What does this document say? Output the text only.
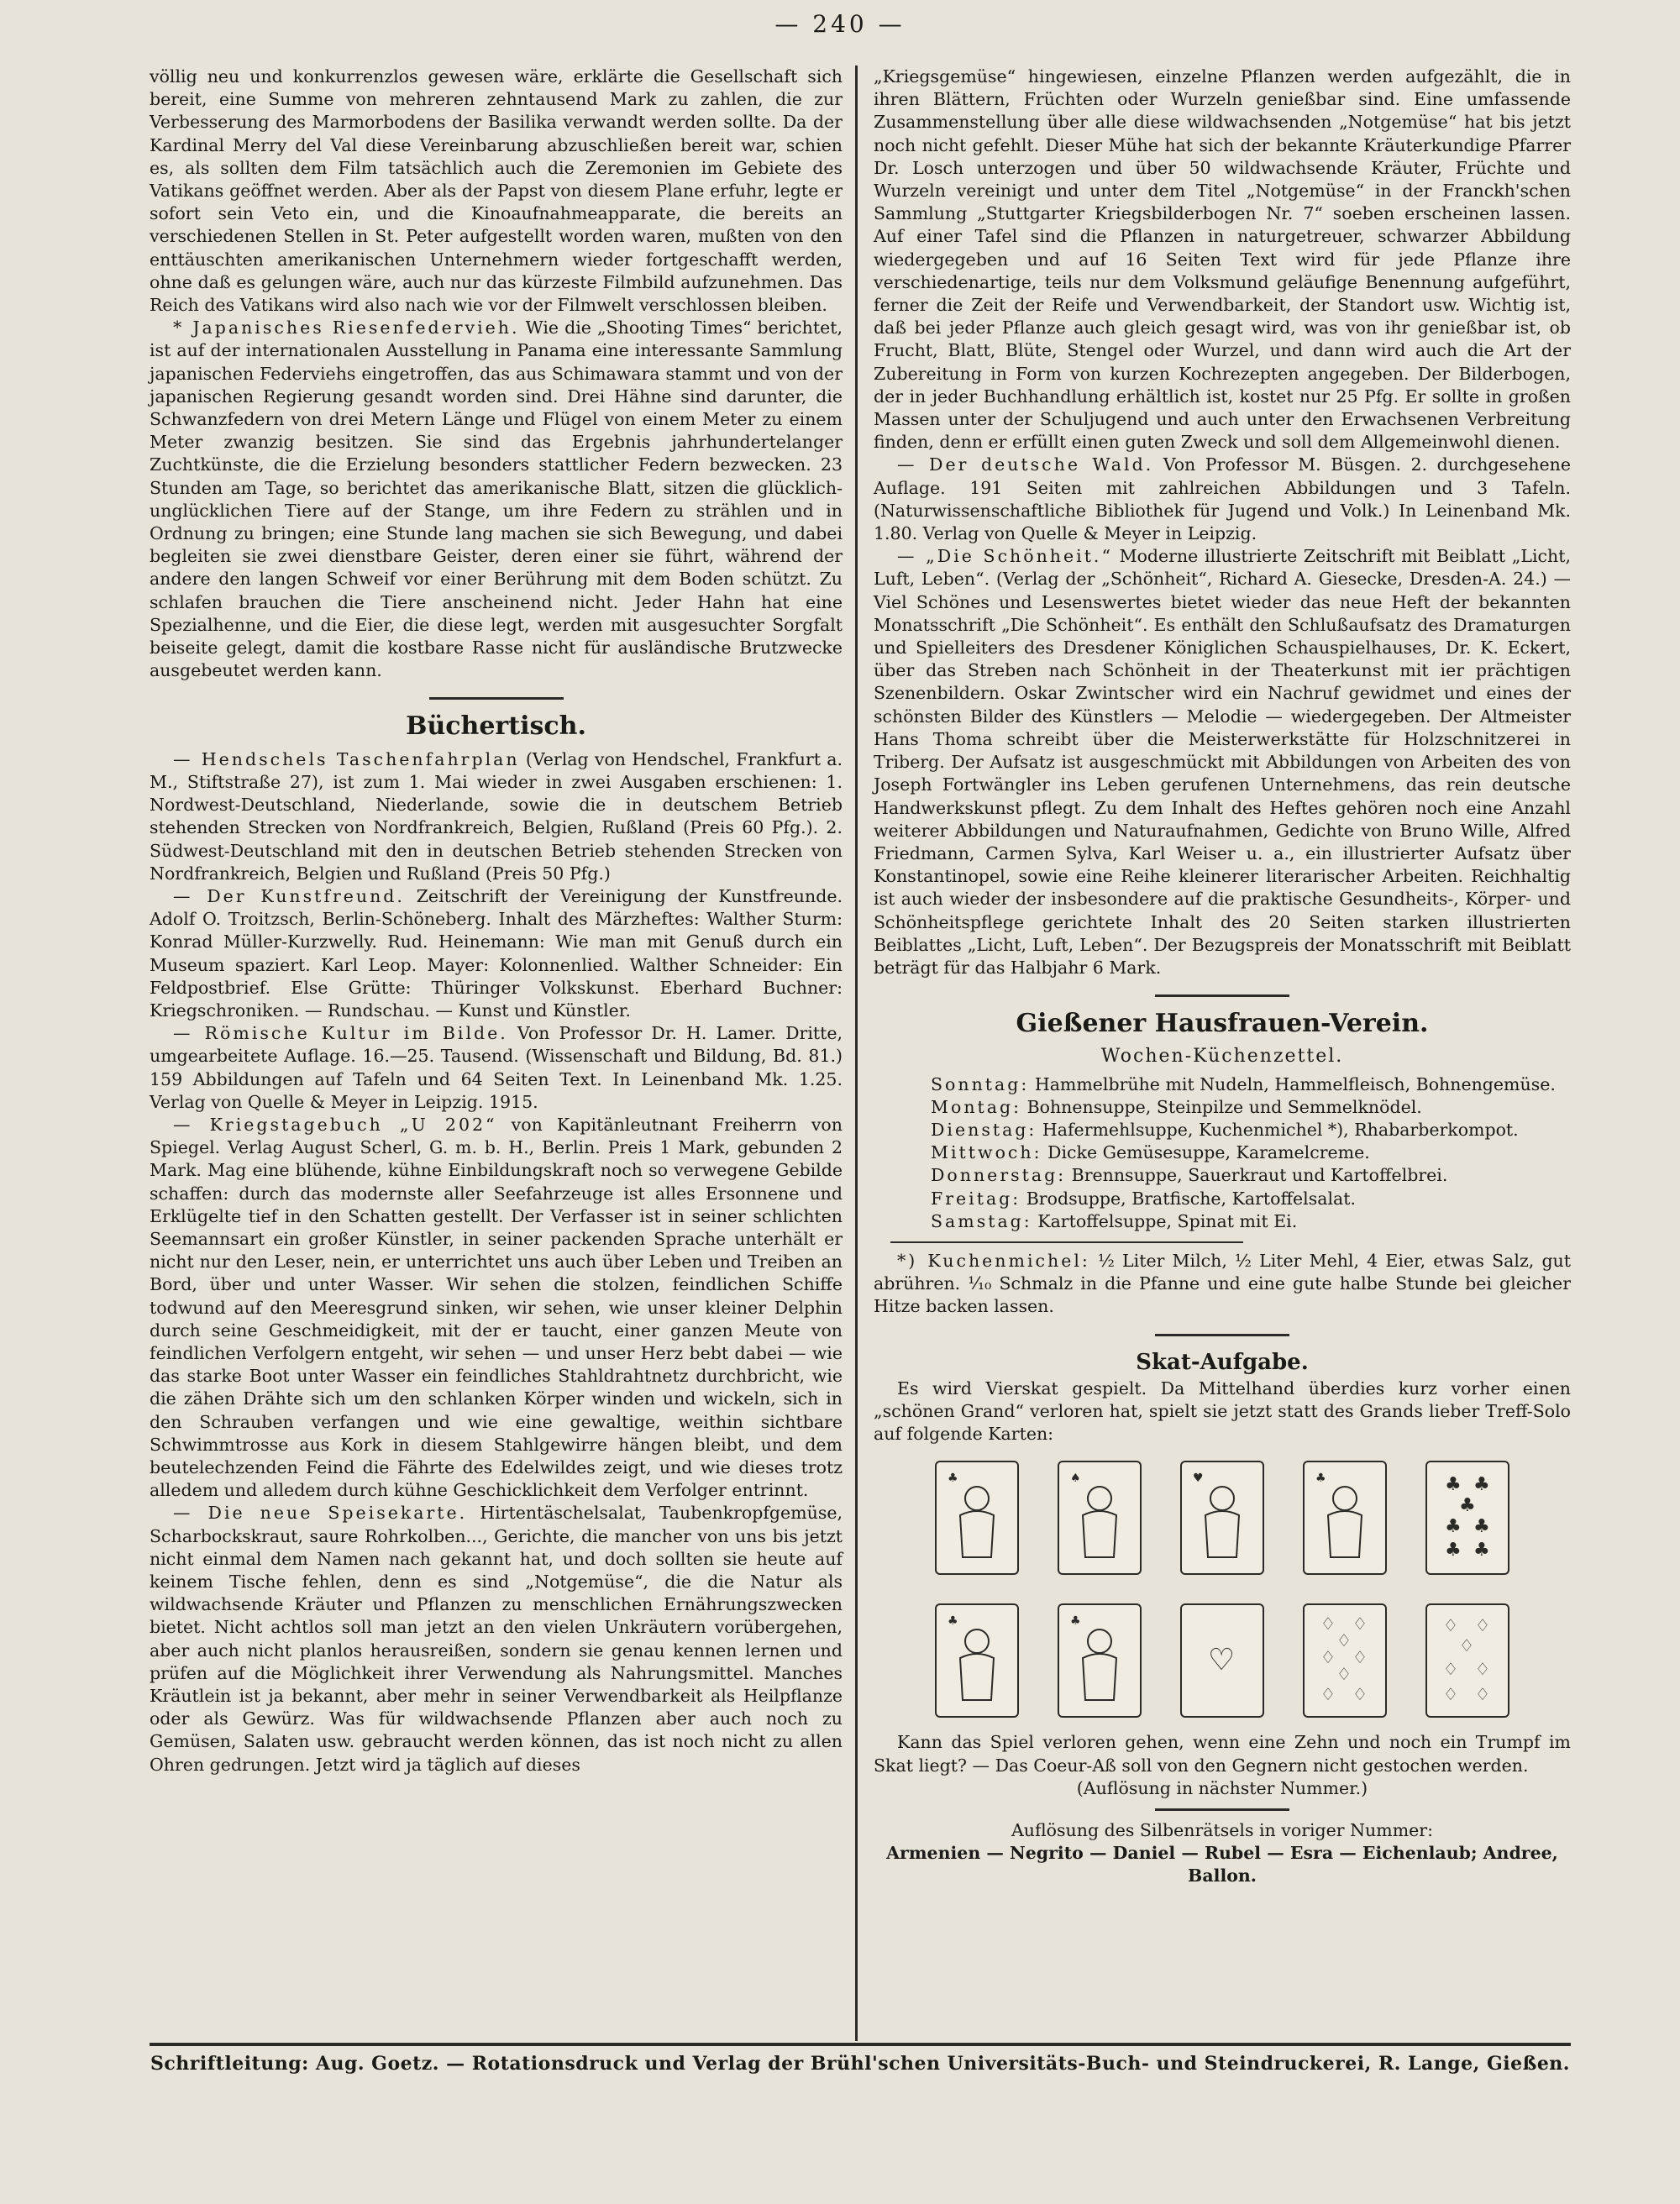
— 240 —

völlig neu und konkurrenzlos gewesen wäre, erklärte die Gesellschaft sich bereit, eine Summe von mehreren zehntausend Mark zu zahlen, die zur Verbesserung des Marmorbodens der Basilika verwandt werden sollte. Da der Kardinal Merry del Val diese Vereinbarung abzuschließen bereit war, schien es, als sollten dem Film tatsächlich auch die Zeremonien im Gebiete des Vatikans geöffnet werden. Aber als der Papst von diesem Plane erfuhr, legte er sofort sein Veto ein, und die Kinoaufnahmeapparate, die bereits an verschiedenen Stellen in St. Peter aufgestellt worden waren, mußten von den enttäuschten amerikanischen Unternehmern wieder fortgeschafft werden, ohne daß es gelungen wäre, auch nur das kürzeste Filmbild aufzunehmen. Das Reich des Vatikans wird also nach wie vor der Filmwelt verschlossen bleiben.

* Japanisches Riesenfedervieh. Wie die „Shooting Times“ berichtet, ist auf der internationalen Ausstellung in Panama eine interessante Sammlung japanischen Federviehs eingetroffen, das aus Schimawara stammt und von der japanischen Regierung gesandt worden sind. Drei Hähne sind darunter, die Schwanzfedern von drei Metern Länge und Flügel von einem Meter zu einem Meter zwanzig besitzen. Sie sind das Ergebnis jahrhundertelanger Zuchtkünste, die die Erzielung besonders stattlicher Federn bezwecken. 23 Stunden am Tage, so berichtet das amerikanische Blatt, sitzen die glücklich-unglücklichen Tiere auf der Stange, um ihre Federn zu strählen und in Ordnung zu bringen; eine Stunde lang machen sie sich Bewegung, und dabei begleiten sie zwei dienstbare Geister, deren einer sie führt, während der andere den langen Schweif vor einer Berührung mit dem Boden schützt. Zu schlafen brauchen die Tiere anscheinend nicht. Jeder Hahn hat eine Spezialhenne, und die Eier, die diese legt, werden mit ausgesuchter Sorgfalt beiseite gelegt, damit die kostbare Rasse nicht für ausländische Brutzwecke ausgebeutet werden kann.

Büchertisch.

— Hendschels Taschenfahrplan (Verlag von Hendschel, Frankfurt a. M., Stiftstraße 27), ist zum 1. Mai wieder in zwei Ausgaben erschienen: 1. Nordwest-Deutschland, Niederlande, sowie die in deutschem Betrieb stehenden Strecken von Nordfrankreich, Belgien, Rußland (Preis 60 Pfg.). 2. Südwest-Deutschland mit den in deutschen Betrieb stehenden Strecken von Nordfrankreich, Belgien und Rußland (Preis 50 Pfg.)

— Der Kunstfreund. Zeitschrift der Vereinigung der Kunstfreunde. Adolf O. Troitzsch, Berlin-Schöneberg. Inhalt des Märzheftes: Walther Sturm: Konrad Müller-Kurzwelly. Rud. Heinemann: Wie man mit Genuß durch ein Museum spaziert. Karl Leop. Mayer: Kolonnenlied. Walther Schneider: Ein Feldpostbrief. Else Grütte: Thüringer Volkskunst. Eberhard Buchner: Kriegschroniken. — Rundschau. — Kunst und Künstler.

— Römische Kultur im Bilde. Von Professor Dr. H. Lamer. Dritte, umgearbeitete Auflage. 16.—25. Tausend. (Wissenschaft und Bildung, Bd. 81.) 159 Abbildungen auf Tafeln und 64 Seiten Text. In Leinenband Mk. 1.25. Verlag von Quelle & Meyer in Leipzig. 1915.

— Kriegstagebuch „U 202“ von Kapitänleutnant Freiherrn von Spiegel. Verlag August Scherl, G. m. b. H., Berlin. Preis 1 Mark, gebunden 2 Mark. Mag eine blühende, kühne Einbildungskraft noch so verwegene Gebilde schaffen: durch das modernste aller Seefahrzeuge ist alles Ersonnene und Erklügelte tief in den Schatten gestellt. Der Verfasser ist in seiner schlichten Seemannsart ein großer Künstler, in seiner packenden Sprache unterhält er nicht nur den Leser, nein, er unterrichtet uns auch über Leben und Treiben an Bord, über und unter Wasser. Wir sehen die stolzen, feindlichen Schiffe todwund auf den Meeresgrund sinken, wir sehen, wie unser kleiner Delphin durch seine Geschmeidigkeit, mit der er taucht, einer ganzen Meute von feindlichen Verfolgern entgeht, wir sehen — und unser Herz bebt dabei — wie das starke Boot unter Wasser ein feindliches Stahldrahtnetz durchbricht, wie die zähen Drähte sich um den schlanken Körper winden und wickeln, sich in den Schrauben verfangen und wie eine gewaltige, weithin sichtbare Schwimmtrosse aus Kork in diesem Stahlgewirre hängen bleibt, und dem beutelechzenden Feind die Fährte des Edelwildes zeigt, und wie dieses trotz alledem und alledem durch kühne Geschicklichkeit dem Verfolger entrinnt.

— Die neue Speisekarte. Hirtentäschelsalat, Taubenkropfgemüse, Scharbockskraut, saure Rohrkolben..., Gerichte, die mancher von uns bis jetzt nicht einmal dem Namen nach gekannt hat, und doch sollten sie heute auf keinem Tische fehlen, denn es sind „Notgemüse“, die die Natur als wildwachsende Kräuter und Pflanzen zu menschlichen Ernährungszwecken bietet. Nicht achtlos soll man jetzt an den vielen Unkräutern vorübergehen, aber auch nicht planlos herausreißen, sondern sie genau kennen lernen und prüfen auf die Möglichkeit ihrer Verwendung als Nahrungsmittel. Manches Kräutlein ist ja bekannt, aber mehr in seiner Verwendbarkeit als Heilpflanze oder als Gewürz. Was für wildwachsende Pflanzen aber auch noch zu Gemüsen, Salaten usw. gebraucht werden können, das ist noch nicht zu allen Ohren gedrungen. Jetzt wird ja täglich auf dieses

„Kriegsgemüse“ hingewiesen, einzelne Pflanzen werden aufgezählt, die in ihren Blättern, Früchten oder Wurzeln genießbar sind. Eine umfassende Zusammenstellung über alle diese wildwachsenden „Notgemüse“ hat bis jetzt noch nicht gefehlt. Dieser Mühe hat sich der bekannte Kräuterkundige Pfarrer Dr. Losch unterzogen und über 50 wildwachsende Kräuter, Früchte und Wurzeln vereinigt und unter dem Titel „Notgemüse“ in der Franckh'schen Sammlung „Stuttgarter Kriegsbilderbogen Nr. 7“ soeben erscheinen lassen. Auf einer Tafel sind die Pflanzen in naturgetreuer, schwarzer Abbildung wiedergegeben und auf 16 Seiten Text wird für jede Pflanze ihre verschiedenartige, teils nur dem Volksmund geläufige Benennung aufgeführt, ferner die Zeit der Reife und Verwendbarkeit, der Standort usw. Wichtig ist, daß bei jeder Pflanze auch gleich gesagt wird, was von ihr genießbar ist, ob Frucht, Blatt, Blüte, Stengel oder Wurzel, und dann wird auch die Art der Zubereitung in Form von kurzen Kochrezepten angegeben. Der Bilderbogen, der in jeder Buchhandlung erhältlich ist, kostet nur 25 Pfg. Er sollte in großen Massen unter der Schuljugend und auch unter den Erwachsenen Verbreitung finden, denn er erfüllt einen guten Zweck und soll dem Allgemeinwohl dienen.

— Der deutsche Wald. Von Professor M. Büsgen. 2. durchgesehene Auflage. 191 Seiten mit zahlreichen Abbildungen und 3 Tafeln. (Naturwissenschaftliche Bibliothek für Jugend und Volk.) In Leinenband Mk. 1.80. Verlag von Quelle & Meyer in Leipzig.

— „Die Schönheit.“ Moderne illustrierte Zeitschrift mit Beiblatt „Licht, Luft, Leben“. (Verlag der „Schönheit“, Richard A. Giesecke, Dresden-A. 24.) — Viel Schönes und Lesenswertes bietet wieder das neue Heft der bekannten Monatsschrift „Die Schönheit“. Es enthält den Schlußaufsatz des Dramaturgen und Spielleiters des Dresdener Königlichen Schauspielhauses, Dr. K. Eckert, über das Streben nach Schönheit in der Theaterkunst mit ier prächtigen Szenenbildern. Oskar Zwintscher wird ein Nachruf gewidmet und eines der schönsten Bilder des Künstlers — Melodie — wiedergegeben. Der Altmeister Hans Thoma schreibt über die Meisterwerkstätte für Holzschnitzerei in Triberg. Der Aufsatz ist ausgeschmückt mit Abbildungen von Arbeiten des von Joseph Fortwängler ins Leben gerufenen Unternehmens, das rein deutsche Handwerkskunst pflegt. Zu dem Inhalt des Heftes gehören noch eine Anzahl weiterer Abbildungen und Naturaufnahmen, Gedichte von Bruno Wille, Alfred Friedmann, Carmen Sylva, Karl Weiser u. a., ein illustrierter Aufsatz über Konstantinopel, sowie eine Reihe kleinerer literarischer Arbeiten. Reichhaltig ist auch wieder der insbesondere auf die praktische Gesundheits-, Körper- und Schönheitspflege gerichtete Inhalt des 20 Seiten starken illustrierten Beiblattes „Licht, Luft, Leben“. Der Bezugspreis der Monatsschrift mit Beiblatt beträgt für das Halbjahr 6 Mark.

Gießener Hausfrauen-Verein.
Wochen-Küchenzettel.

Sonntag: Hammelbrühe mit Nudeln, Hammelfleisch, Bohnengemüse.

Montag: Bohnensuppe, Steinpilze und Semmelknödel.

Dienstag: Hafermehlsuppe, Kuchenmichel *), Rhabarberkompot.

Mittwoch: Dicke Gemüsesuppe, Karamelcreme.

Donnerstag: Brennsuppe, Sauerkraut und Kartoffelbrei.

Freitag: Brodsuppe, Bratfische, Kartoffelsalat.

Samstag: Kartoffelsuppe, Spinat mit Ei.

*) Kuchenmichel: ½ Liter Milch, ½ Liter Mehl, 4 Eier, etwas Salz, gut abrühren. ¹⁄₁₀ Schmalz in die Pfanne und eine gute halbe Stunde bei gleicher Hitze backen lassen.

Skat-Aufgabe.

Es wird Vierskat gespielt. Da Mittelhand überdies kurz vorher einen „schönen Grand“ verloren hat, spielt sie jetzt statt des Grands lieber Treff-Solo auf folgende Karten:

♣	♠	♥	♣	♣ ♣
♣
♣ ♣
♣ ♣
♣	♣
♡
♢ ♢
♢
♢ ♢
♢
♢ ♢
♢ ♢
♢
♢ ♢
♢ ♢

Kann das Spiel verloren gehen, wenn eine Zehn und noch ein Trumpf im Skat liegt? — Das Coeur-Aß soll von den Gegnern nicht gestochen werden.

(Auflösung in nächster Nummer.)

Auflösung des Silbenrätsels in voriger Nummer:

Armenien — Negrito — Daniel — Rubel — Esra — Eichenlaub; Andree, Ballon.

Schriftleitung: Aug. Goetz. — Rotationsdruck und Verlag der Brühl'schen Universitäts-Buch- und Steindruckerei, R. Lange, Gießen.
